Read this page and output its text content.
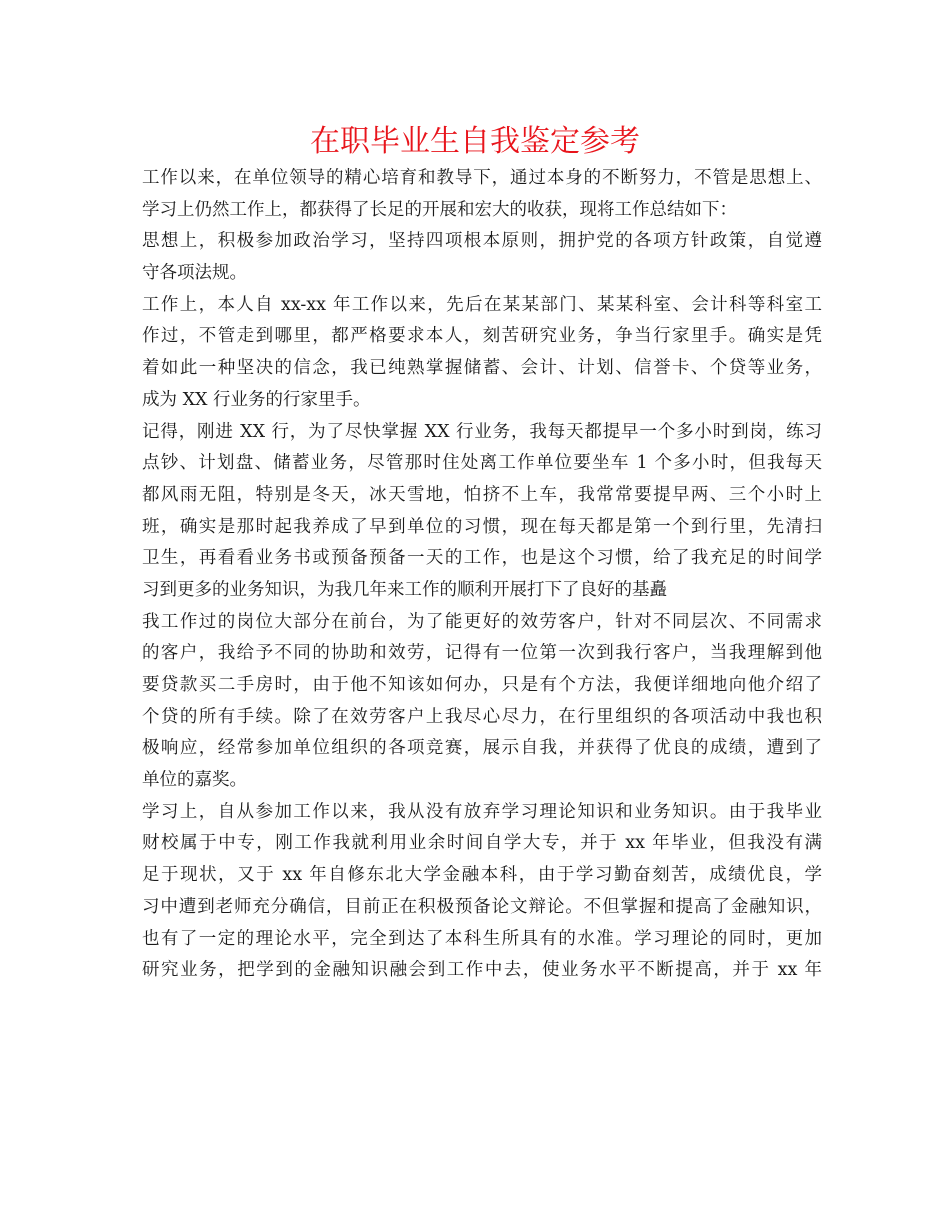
在职毕业生自我鉴定参考
工作以来，在单位领导的精心培育和教导下，通过本身的不断努力，不管是思想上、
学习上仍然工作上，都获得了长足的开展和宏大的收获，现将工作总结如下：
思想上，积极参加政治学习，坚持四项根本原则，拥护党的各项方针政策，自觉遵
守各项法规。
工作上，本人自 xx-xx 年工作以来，先后在某某部门、某某科室、会计科等科室工
作过，不管走到哪里，都严格要求本人，刻苦研究业务，争当行家里手。确实是凭
着如此一种坚决的信念，我已纯熟掌握储蓄、会计、计划、信誉卡、个贷等业务，
成为 XX 行业务的行家里手。
记得，刚进 XX 行，为了尽快掌握 XX 行业务，我每天都提早一个多小时到岗，练习
点钞、计划盘、储蓄业务，尽管那时住处离工作单位要坐车 1 个多小时，但我每天
都风雨无阻，特别是冬天，冰天雪地，怕挤不上车，我常常要提早两、三个小时上
班，确实是那时起我养成了早到单位的习惯，现在每天都是第一个到行里，先清扫
卫生，再看看业务书或预备预备一天的工作，也是这个习惯，给了我充足的时间学
习到更多的业务知识，为我几年来工作的顺利开展打下了良好的基矗
我工作过的岗位大部分在前台，为了能更好的效劳客户，针对不同层次、不同需求
的客户，我给予不同的协助和效劳，记得有一位第一次到我行客户，当我理解到他
要贷款买二手房时，由于他不知该如何办，只是有个方法，我便详细地向他介绍了
个贷的所有手续。除了在效劳客户上我尽心尽力，在行里组织的各项活动中我也积
极响应，经常参加单位组织的各项竞赛，展示自我，并获得了优良的成绩，遭到了
单位的嘉奖。
学习上，自从参加工作以来，我从没有放弃学习理论知识和业务知识。由于我毕业
财校属于中专，刚工作我就利用业余时间自学大专，并于 xx 年毕业，但我没有满
足于现状，又于 xx 年自修东北大学金融本科，由于学习勤奋刻苦，成绩优良，学
习中遭到老师充分确信，目前正在积极预备论文辩论。不但掌握和提高了金融知识，
也有了一定的理论水平，完全到达了本科生所具有的水准。学习理论的同时，更加
研究业务，把学到的金融知识融会到工作中去，使业务水平不断提高，并于 xx 年
